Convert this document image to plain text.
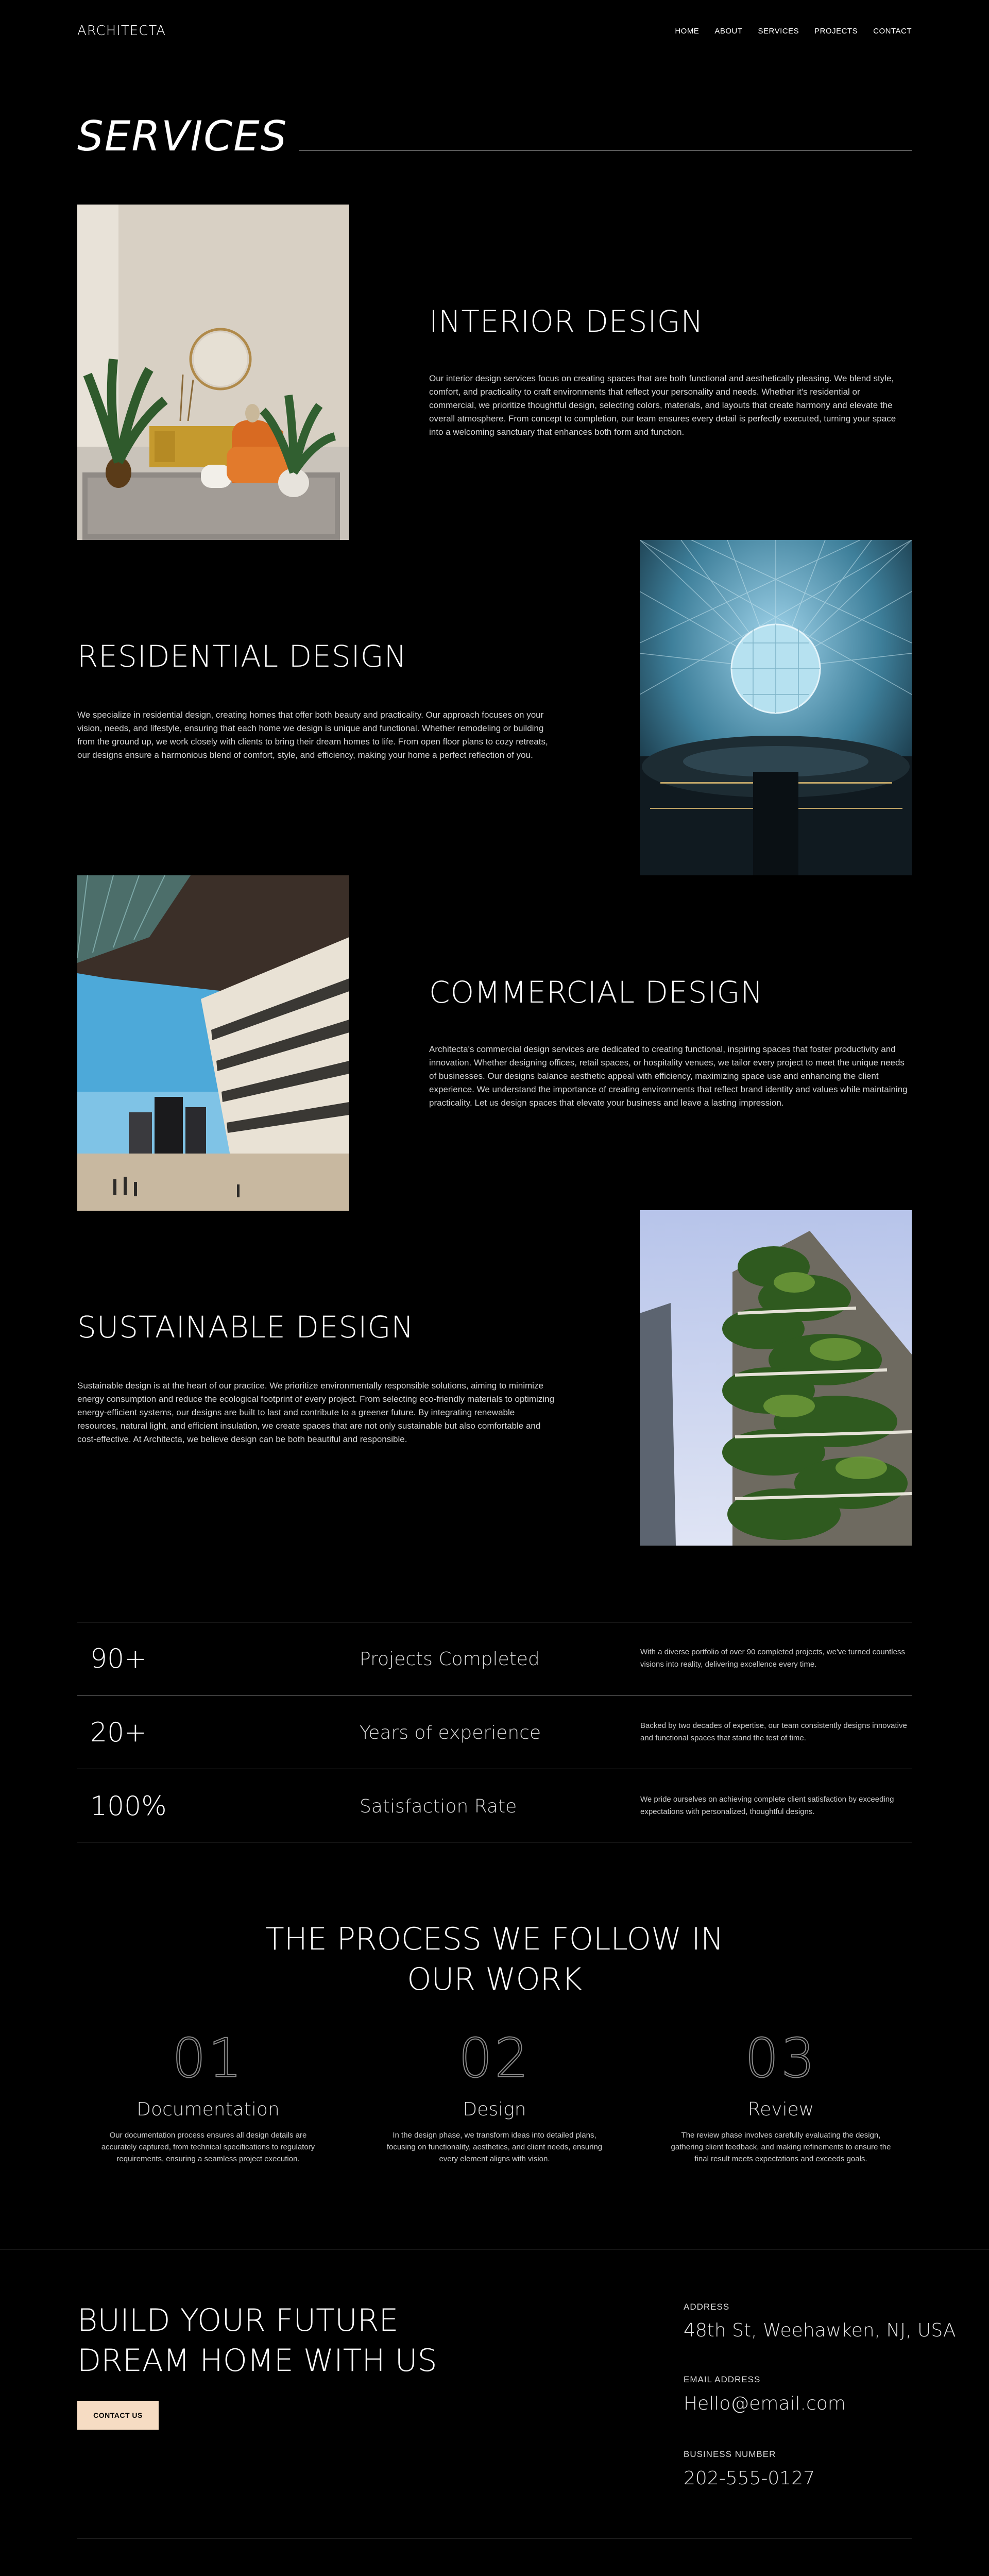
ARCHITECTA	HOME ABOUT SERVICES PROJECTS CONTACT
SERVICES
INTERIOR DESIGN

Our interior design services focus on creating spaces that are both functional and aesthetically pleasing. We blend style, comfort, and practicality to craft environments that reflect your personality and needs. Whether it's residential or commercial, we prioritize thoughtful design, selecting colors, materials, and layouts that create harmony and elevate the overall atmosphere. From concept to completion, our team ensures every detail is perfectly executed, turning your space into a welcoming sanctuary that enhances both form and function.

RESIDENTIAL DESIGN

We specialize in residential design, creating homes that offer both beauty and practicality. Our approach focuses on your vision, needs, and lifestyle, ensuring that each home we design is unique and functional. Whether remodeling or building from the ground up, we work closely with clients to bring their dream homes to life. From open floor plans to cozy retreats, our designs ensure a harmonious blend of comfort, style, and efficiency, making your home a perfect reflection of you.

COMMERCIAL DESIGN

Architecta's commercial design services are dedicated to creating functional, inspiring spaces that foster productivity and innovation. Whether designing offices, retail spaces, or hospitality venues, we tailor every project to meet the unique needs of businesses. Our designs balance aesthetic appeal with efficiency, maximizing space use and enhancing the client experience. We understand the importance of creating environments that reflect brand identity and values while maintaining practicality. Let us design spaces that elevate your business and leave a lasting impression.

SUSTAINABLE DESIGN

Sustainable design is at the heart of our practice. We prioritize environmentally responsible solutions, aiming to minimize energy consumption and reduce the ecological footprint of every project. From selecting eco-friendly materials to optimizing energy-efficient systems, our designs are built to last and contribute to a greener future. By integrating renewable resources, natural light, and efficient insulation, we create spaces that are not only sustainable but also comfortable and cost-effective. At Architecta, we believe design can be both beautiful and responsible.

90+	Projects Completed	With a diverse portfolio of over 90 completed projects, we've turned countless visions into reality, delivering excellence every time.
20+	Years of experience	Backed by two decades of expertise, our team consistently designs innovative and functional spaces that stand the test of time.
100%	Satisfaction Rate	We pride ourselves on achieving complete client satisfaction by exceeding expectations with personalized, thoughtful designs.
THE PROCESS WE FOLLOW IN
OUR WORK
01
Documentation
Our documentation process ensures all design details are accurately captured, from technical specifications to regulatory requirements, ensuring a seamless project execution.
02
Design
In the design phase, we transform ideas into detailed plans, focusing on functionality, aesthetics, and client needs, ensuring every element aligns with vision.
03
Review
The review phase involves carefully evaluating the design, gathering client feedback, and making refinements to ensure the final result meets expectations and exceeds goals.
BUILD YOUR FUTURE
DREAM HOME WITH US
CONTACT US
ADDRESS
48th St, Weehawken, NJ, USA
EMAIL ADDRESS
Hello@email.com
BUSINESS NUMBER
202-555-0127
